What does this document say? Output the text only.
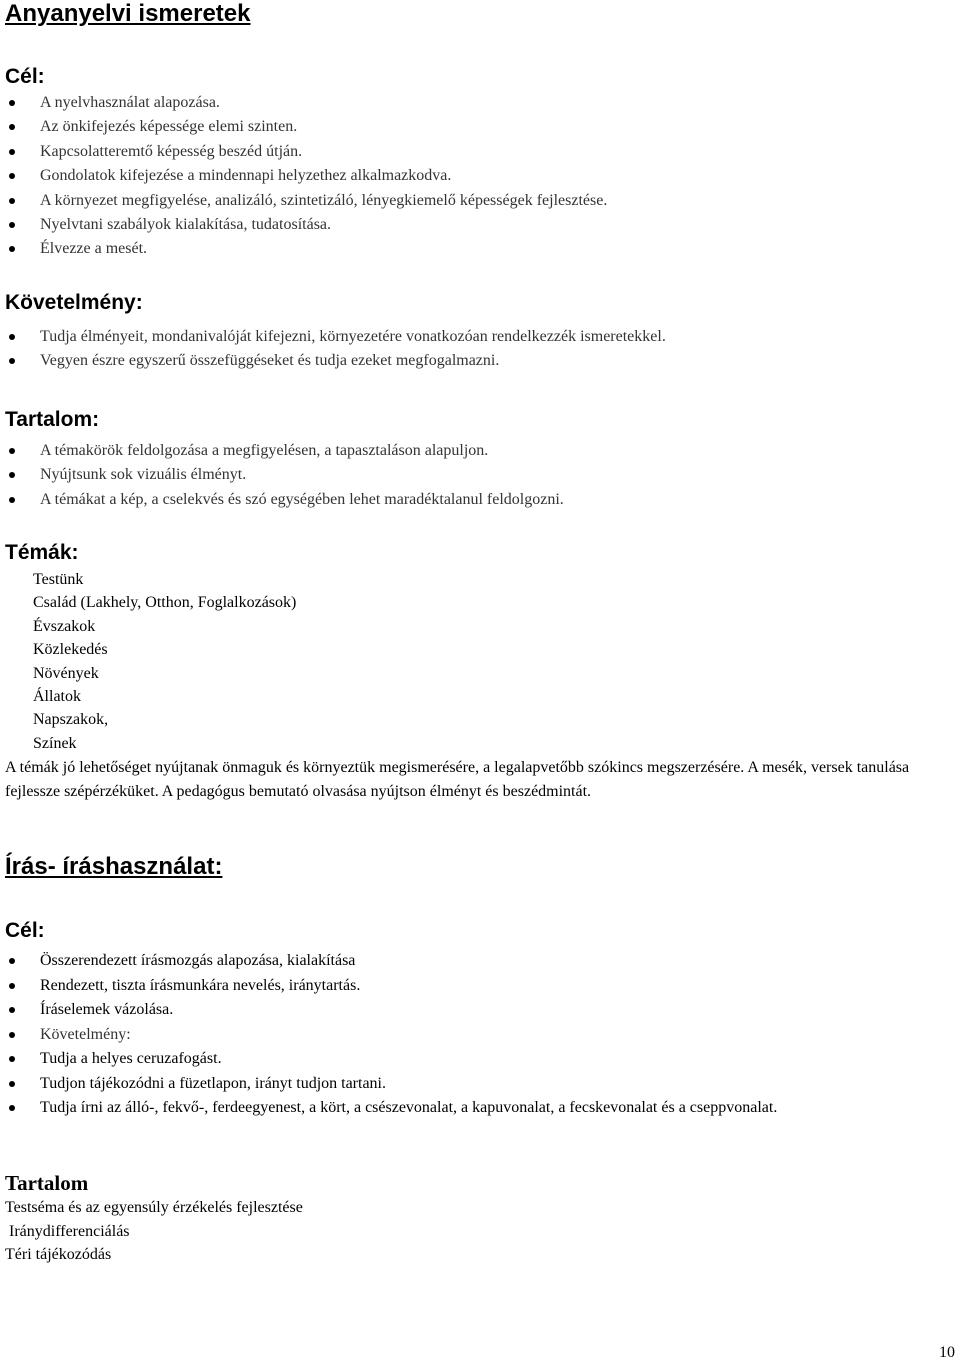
Anyanyelvi ismeretek
Cél:
A nyelvhasználat alapozása.
Az önkifejezés képessége elemi szinten.
Kapcsolatteremtő képesség beszéd útján.
Gondolatok kifejezése a mindennapi helyzethez alkalmazkodva.
A környezet megfigyelése, analizáló, szintetizáló, lényegkiemelő képességek fejlesztése.
Nyelvtani szabályok kialakítása, tudatosítása.
Élvezze a mesét.
Követelmény:
Tudja élményeit, mondanivalóját kifejezni, környezetére vonatkozóan rendelkezzék ismeretekkel.
Vegyen észre egyszerű összefüggéseket és tudja ezeket megfogalmazni.
Tartalom:
A témakörök feldolgozása a megfigyelésen, a tapasztaláson alapuljon.
Nyújtsunk sok vizuális élményt.
A témákat a kép, a cselekvés és szó egységében lehet maradéktalanul feldolgozni.
Témák:
Testünk
Család (Lakhely, Otthon, Foglalkozások)
Évszakok
Közlekedés
Növények
Állatok
Napszakok,
Színek

A témák jó lehetőséget nyújtanak önmaguk és környeztük megismerésére, a legalapvetőbb szókincs megszerzésére. A mesék, versek tanulása fejlessze szépérzéküket. A pedagógus bemutató olvasása nyújtson élményt és beszédmintát.

Írás- íráshasználat:
Cél:
Összerendezett írásmozgás alapozása, kialakítása
Rendezett, tiszta írásmunkára nevelés, iránytartás.
Íráselemek vázolása.
Követelmény:
Tudja a helyes ceruzafogást.
Tudjon tájékozódni a füzetlapon, irányt tudjon tartani.
Tudja írni az álló-, fekvő-, ferdeegyenest, a kört, a csészevonalat, a kapuvonalat, a fecskevonalat és a cseppvonalat.
Tartalom
Testséma és az egyensúly érzékelés fejlesztése
Iránydifferenciálás
Téri tájékozódás
10
